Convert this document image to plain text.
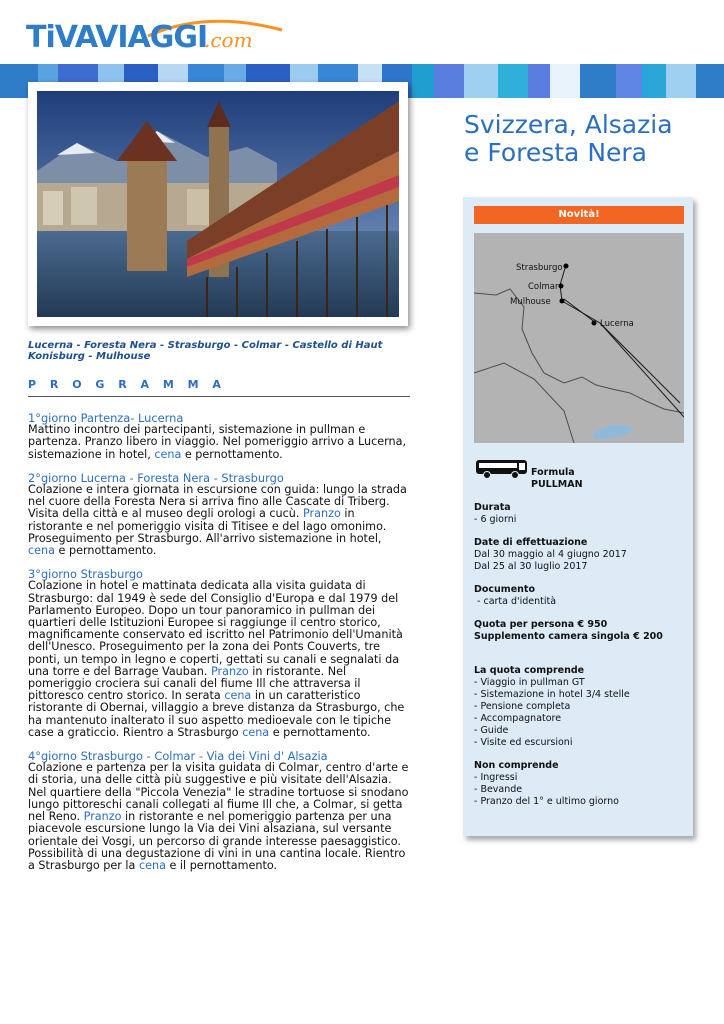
TiVAVIAGGI
.com
Svizzera, Alsazia
e Foresta Nera
Lucerna - Foresta Nera - Strasburgo - Colmar - Castello di Haut Konisburg - Mulhouse
P R O G R A M M A
1°giorno Partenza- Lucerna
Mattino incontro dei partecipanti, sistemazione in pullman e partenza. Pranzo libero in viaggio. Nel pomeriggio arrivo a Lucerna, sistemazione in hotel, cena e pernottamento.
2°giorno Lucerna - Foresta Nera - Strasburgo
Colazione e intera giornata in escursione con guida: lungo la strada nel cuore della Foresta Nera si arriva fino alle Cascate di Triberg. Visita della città e al museo degli orologi a cucù. Pranzo in ristorante e nel pomeriggio visita di Titisee e del lago omonimo. Proseguimento per Strasburgo. All'arrivo sistemazione in hotel, cena e pernottamento.
3°giorno Strasburgo
Colazione in hotel e mattinata dedicata alla visita guidata di Strasburgo: dal 1949 è sede del Consiglio d'Europa e dal 1979 del Parlamento Europeo. Dopo un tour panoramico in pullman dei quartieri delle Istituzioni Europee si raggiunge il centro storico, magnificamente conservato ed iscritto nel Patrimonio dell'Umanità dell'Unesco. Proseguimento per la zona dei Ponts Couverts, tre ponti, un tempo in legno e coperti, gettati su canali e segnalati da una torre e del Barrage Vauban. Pranzo in ristorante. Nel pomeriggio crociera sui canali del fiume Ill che attraversa il pittoresco centro storico. In serata cena in un caratteristico ristorante di Obernai, villaggio a breve distanza da Strasburgo, che ha mantenuto inalterato il suo aspetto medioevale con le tipiche case a graticcio. Rientro a Strasburgo cena e pernottamento.
4°giorno Strasburgo - Colmar - Via dei Vini d' Alsazia
Colazione e partenza per la visita guidata di Colmar, centro d'arte e di storia, una delle città più suggestive e più visitate dell'Alsazia. Nel quartiere della "Piccola Venezia" le stradine tortuose si snodano lungo pittoreschi canali collegati al fiume Ill che, a Colmar, si getta nel Reno. Pranzo in ristorante e nel pomeriggio partenza per una piacevole escursione lungo la Via dei Vini alsaziana, sul versante orientale dei Vosgi, un percorso di grande interesse paesaggistico. Possibilità di una degustazione di vini in una cantina locale. Rientro a Strasburgo per la cena e il pernottamento.
Novità!
Strasburgo
Colmar
Mulhouse
Lucerna
Formula
PULLMAN
Durata
- 6 giorni
Date di effettuazione
Dal 30 maggio al 4 giugno 2017
Dal 25 al 30 luglio 2017
Documento
- carta d'identità
Quota per persona € 950
Supplemento camera singola € 200
La quota comprende
- Viaggio in pullman GT
- Sistemazione in hotel 3/4 stelle
- Pensione completa
- Accompagnatore
- Guide
- Visite ed escursioni
Non comprende
- Ingressi
- Bevande
- Pranzo del 1° e ultimo giorno
